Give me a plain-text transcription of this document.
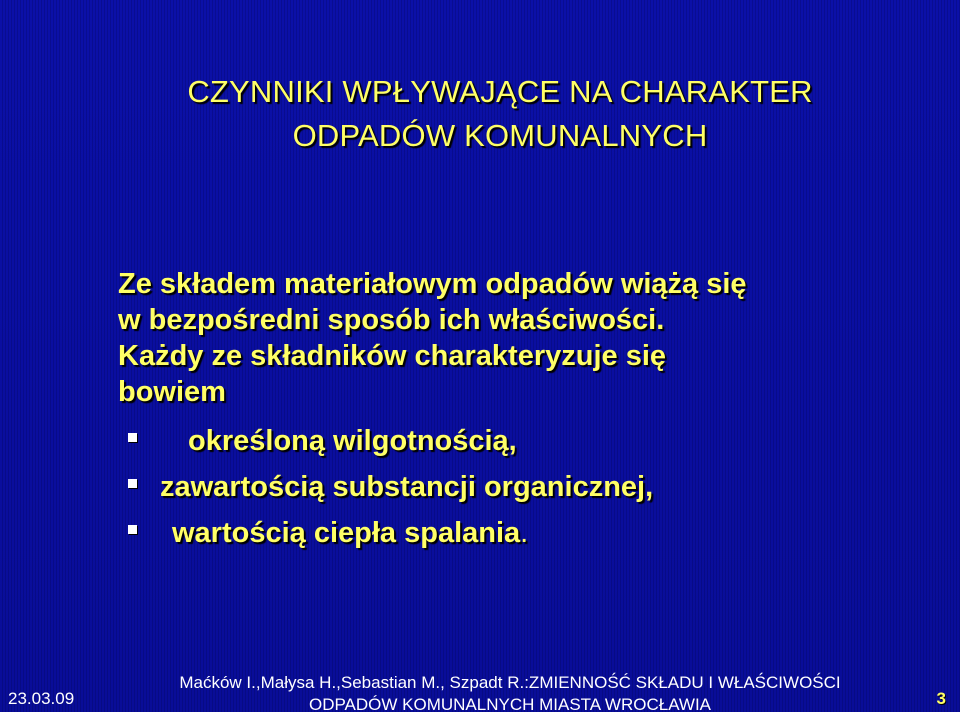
CZYNNIKI WPŁYWAJĄCE NA CHARAKTER
ODPADÓW KOMUNALNYCH
Ze składem materiałowym odpadów wiążą się
w bezpośredni sposób ich właściwości.
Każdy ze składników charakteryzuje się
bowiem
określoną wilgotnością,
zawartością substancji organicznej,
wartością ciepła spalania.
23.03.09
Maćków I.,Małysa H.,Sebastian M., Szpadt R.:ZMIENNOŚĆ SKŁADU I WŁAŚCIWOŚCI
ODPADÓW KOMUNALNYCH MIASTA WROCŁAWIA	3
